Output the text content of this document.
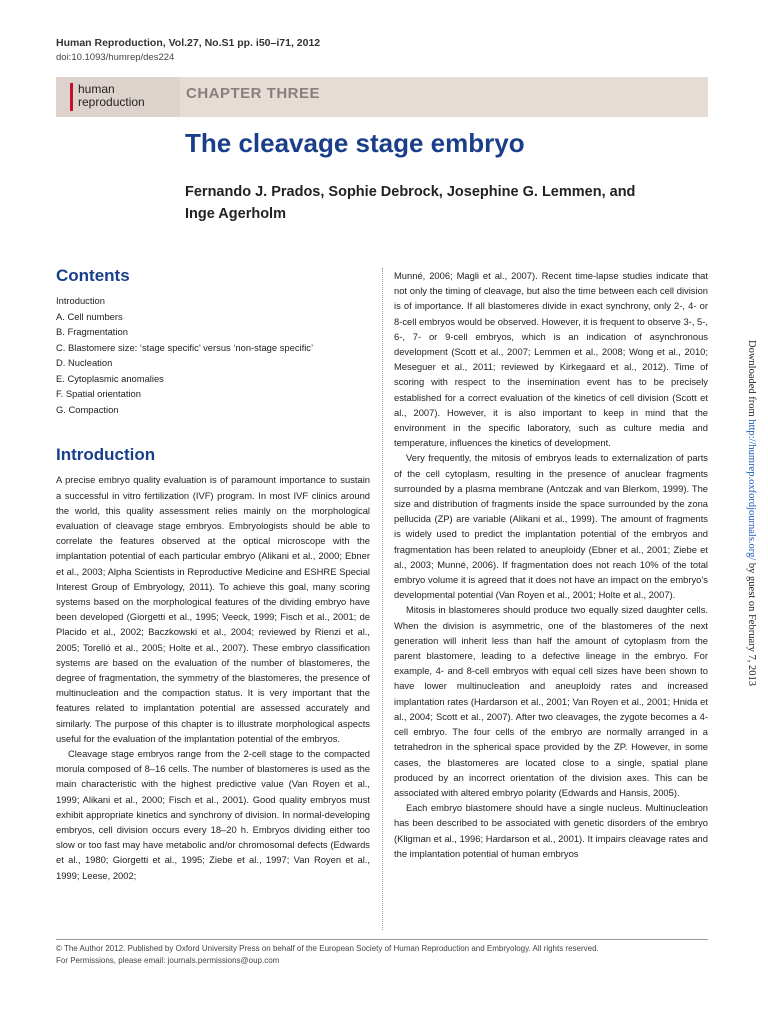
Human Reproduction, Vol.27, No.S1 pp. i50–i71, 2012
doi:10.1093/humrep/des224
human
reproduction	CHAPTER THREE
The cleavage stage embryo
Fernando J. Prados, Sophie Debrock, Josephine G. Lemmen, and Inge Agerholm
Contents
Introduction
A. Cell numbers
B. Fragmentation
C. Blastomere size: ‘stage specific’ versus ‘non-stage specific’
D. Nucleation
E. Cytoplasmic anomalies
F. Spatial orientation
G. Compaction
Introduction

A precise embryo quality evaluation is of paramount importance to sustain a successful in vitro fertilization (IVF) program. In most IVF clinics around the world, this quality assessment relies mainly on the morphological evaluation of cleavage stage embryos. Embryologists should be able to correlate the features observed at the optical microscope with the implantation potential of each particular embryo (Alikani et al., 2000; Ebner et al., 2003; Alpha Scientists in Reproductive Medicine and ESHRE Special Interest Group of Embryology, 2011). To achieve this goal, many scoring systems based on the morphological features of the dividing embryo have been developed (Giorgetti et al., 1995; Veeck, 1999; Fisch et al., 2001; de Placido et al., 2002; Baczkowski et al., 2004; reviewed by Rienzi et al., 2005; Torelló et al., 2005; Holte et al., 2007). These embryo classification systems are based on the evaluation of the number of blastomeres, the degree of fragmentation, the symmetry of the blastomeres, the presence of multinucleation and the compaction status. It is very important that the features related to implantation potential are assessed accurately and similarly. The purpose of this chapter is to illustrate morphological aspects useful for the evaluation of the implantation potential of the embryos.

Cleavage stage embryos range from the 2-cell stage to the compacted morula composed of 8–16 cells. The number of blastomeres is used as the main characteristic with the highest predictive value (Van Royen et al., 1999; Alikani et al., 2000; Fisch et al., 2001). Good quality embryos must exhibit appropriate kinetics and synchrony of division. In normal-developing embryos, cell division occurs every 18–20 h. Embryos dividing either too slow or too fast may have metabolic and/or chromosomal defects (Edwards et al., 1980; Giorgetti et al., 1995; Ziebe et al., 1997; Van Royen et al., 1999; Leese, 2002;

Munné, 2006; Magli et al., 2007). Recent time-lapse studies indicate that not only the timing of cleavage, but also the time between each cell division is of importance. If all blastomeres divide in exact synchrony, only 2-, 4- or 8-cell embryos would be observed. However, it is frequent to observe 3-, 5-, 6-, 7- or 9-cell embryos, which is an indication of asynchronous development (Scott et al., 2007; Lemmen et al., 2008; Wong et al., 2010; Meseguer et al., 2011; reviewed by Kirkegaard et al., 2012). Time of scoring with respect to the insemination event has to be precisely established for a correct evaluation of the kinetics of cell division (Scott et al., 2007). However, it is also important to keep in mind that the environment in the specific laboratory, such as culture media and temperature, influences the kinetics of development.

Very frequently, the mitosis of embryos leads to externalization of parts of the cell cytoplasm, resulting in the presence of anuclear fragments surrounded by a plasma membrane (Antczak and van Blerkom, 1999). The size and distribution of fragments inside the space surrounded by the zona pellucida (ZP) are variable (Alikani et al., 1999). The amount of fragments is widely used to predict the implantation potential of the embryos and fragmentation has been related to aneuploidy (Ebner et al., 2001; Ziebe et al., 2003; Munné, 2006). If fragmentation does not reach 10% of the total embryo volume it is agreed that it does not have an impact on the embryo’s developmental potential (Van Royen et al., 2001; Holte et al., 2007).

Mitosis in blastomeres should produce two equally sized daughter cells. When the division is asymmetric, one of the blastomeres of the next generation will inherit less than half the amount of cytoplasm from the parent blastomere, leading to a defective lineage in the embryo. For example, 4- and 8-cell embryos with equal cell sizes have been shown to have lower multinucleation and aneuploidy rates and increased implantation rates (Hardarson et al., 2001; Van Royen et al., 2001; Hnida et al., 2004; Scott et al., 2007). After two cleavages, the zygote becomes a 4-cell embryo. The four cells of the embryo are normally arranged in a tetrahedron in the spherical space provided by the ZP. However, in some cases, the blastomeres are located close to a single, spatial plane produced by an incorrect orientation of the division axes. This can be associated with altered embryo polarity (Edwards and Hansis, 2005).

Each embryo blastomere should have a single nucleus. Multinucleation has been described to be associated with genetic disorders of the embryo (Kligman et al., 1996; Hardarson et al., 2001). It impairs cleavage rates and the implantation potential of human embryos

Downloaded from http://humrep.oxfordjournals.org/ by guest on February 7, 2013
© The Author 2012. Published by Oxford University Press on behalf of the European Society of Human Reproduction and Embryology. All rights reserved.
For Permissions, please email: journals.permissions@oup.com
